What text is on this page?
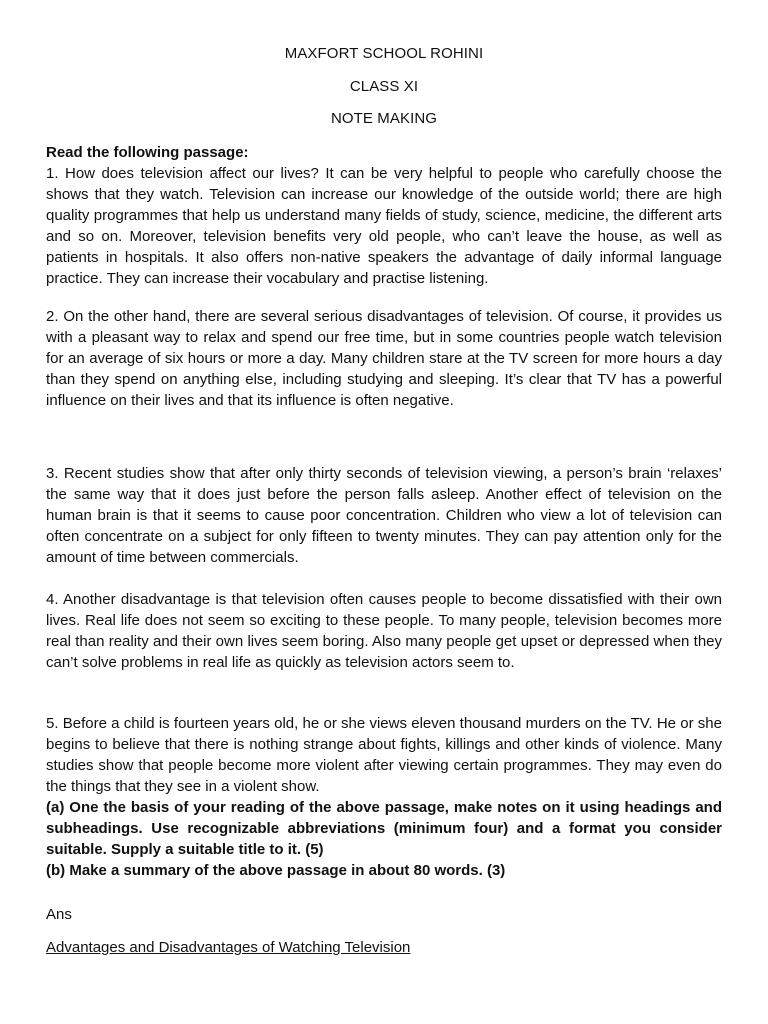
MAXFORT SCHOOL ROHINI
CLASS XI
NOTE MAKING

Read the following passage:

1. How does television affect our lives? It can be very helpful to people who carefully choose the shows that they watch. Television can increase our knowledge of the outside world; there are high quality programmes that help us understand many fields of study, science, medicine, the different arts and so on. Moreover, television benefits very old people, who can’t leave the house, as well as patients in hospitals. It also offers non-native speakers the advantage of daily informal language practice. They can increase their vocabulary and practise listening.

2. On the other hand, there are several serious disadvantages of television. Of course, it provides us with a pleasant way to relax and spend our free time, but in some countries people watch television for an average of six hours or more a day. Many children stare at the TV screen for more hours a day than they spend on anything else, including studying and sleeping. It’s clear that TV has a powerful influence on their lives and that its influence is often negative.

3. Recent studies show that after only thirty seconds of television viewing, a person’s brain ‘relaxes’ the same way that it does just before the person falls asleep. Another effect of television on the human brain is that it seems to cause poor concentration. Children who view a lot of television can often concentrate on a subject for only fifteen to twenty minutes. They can pay attention only for the amount of time between commercials.

4. Another disadvantage is that television often causes people to become dissatisfied with their own lives. Real life does not seem so exciting to these people. To many people, television becomes more real than reality and their own lives seem boring. Also many people get upset or depressed when they can’t solve problems in real life as quickly as television actors seem to.

5. Before a child is fourteen years old, he or she views eleven thousand murders on the TV. He or she begins to believe that there is nothing strange about fights, killings and other kinds of violence. Many studies show that people become more violent after viewing certain programmes. They may even do the things that they see in a violent show.

(a) One the basis of your reading of the above passage, make notes on it using headings and subheadings. Use recognizable abbreviations (minimum four) and a format you consider suitable. Supply a suitable title to it. (5)

(b) Make a summary of the above passage in about 80 words. (3)

Ans
Advantages and Disadvantages of Watching Television
